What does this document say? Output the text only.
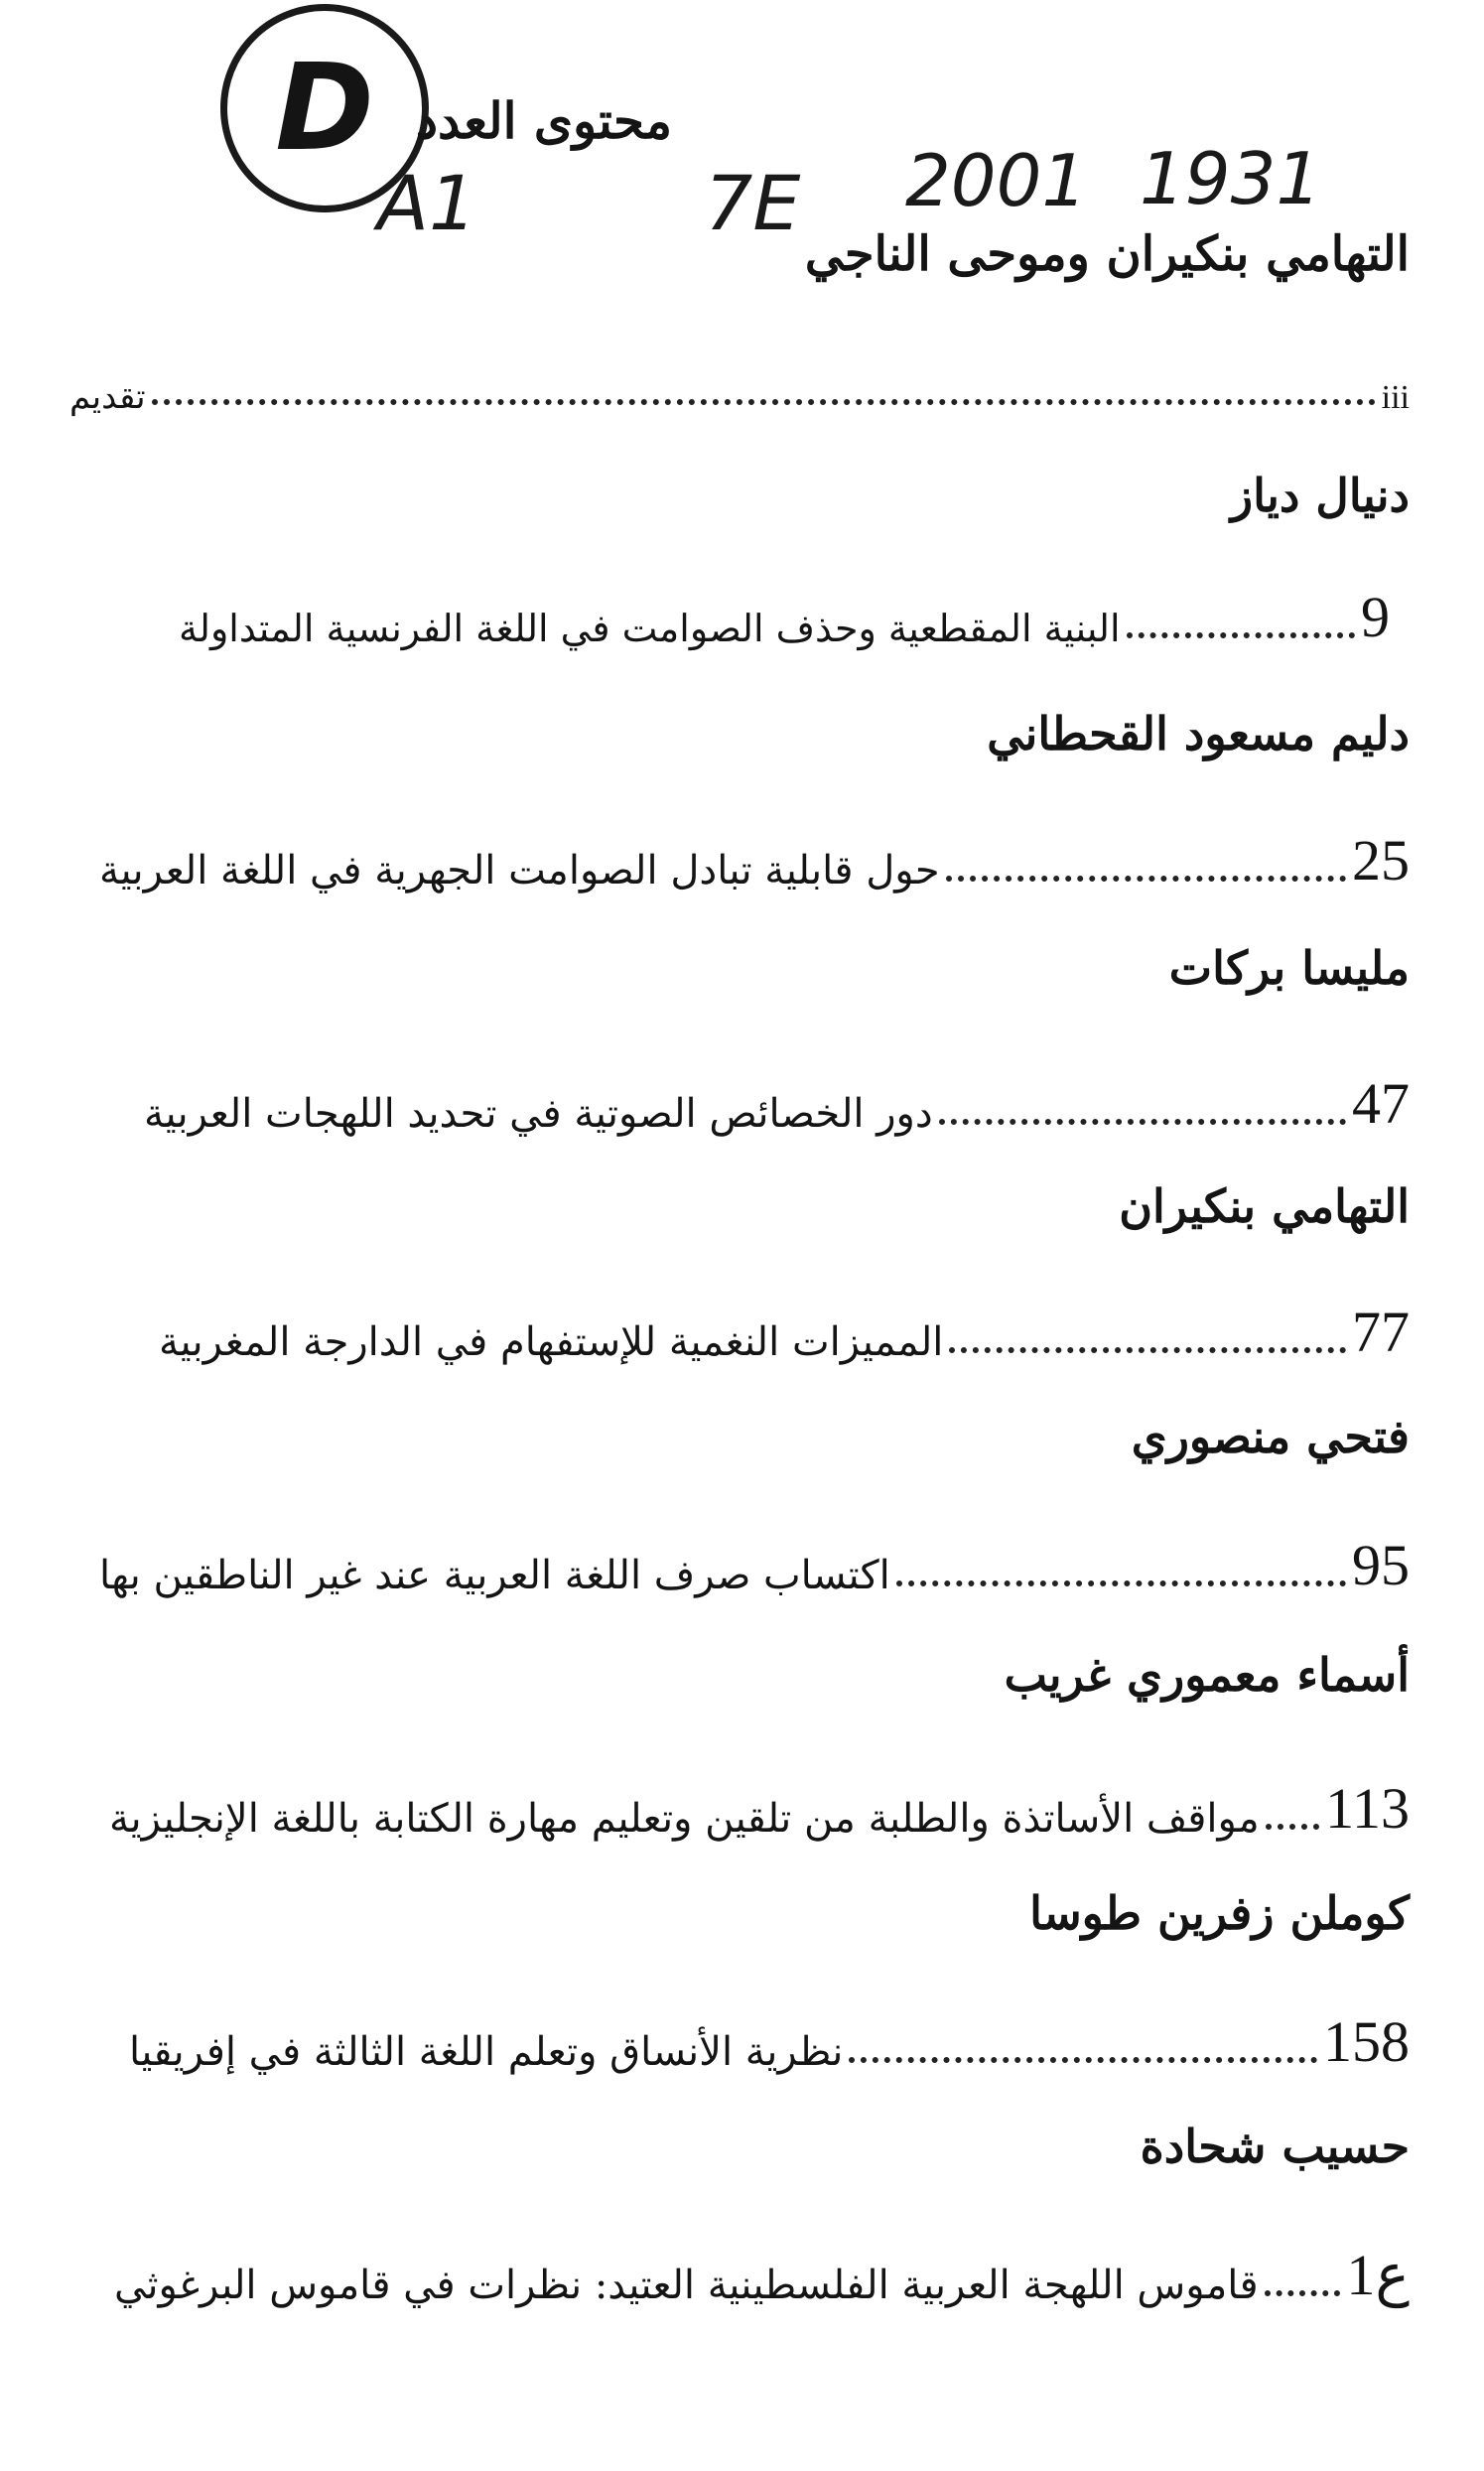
D
A1	7E 2001 1931
محتوى العدد
التهامي بنكيران وموحى الناجي
تقديم	iii
دنيال دياز
البنية المقطعية وحذف الصوامت في اللغة الفرنسية المتداولة	9
دليم مسعود القحطاني
حول قابلية تبادل الصوامت الجهرية في اللغة العربية	25
مليسا بركات
دور الخصائص الصوتية في تحديد اللهجات العربية	47
التهامي بنكيران
المميزات النغمية للإستفهام في الدارجة المغربية	77
فتحي منصوري
اكتساب صرف اللغة العربية عند غير الناطقين بها	95
أسماء معموري غريب
مواقف الأساتذة والطلبة من تلقين وتعليم مهارة الكتابة باللغة الإنجليزية 113
كوملن زفرين طوسا
نظرية الأنساق وتعلم اللغة الثالثة في إفريقيا	158
حسيب شحادة
قاموس اللهجة العربية الفلسطينية العتيد: نظرات في قاموس البرغوثي ع1
